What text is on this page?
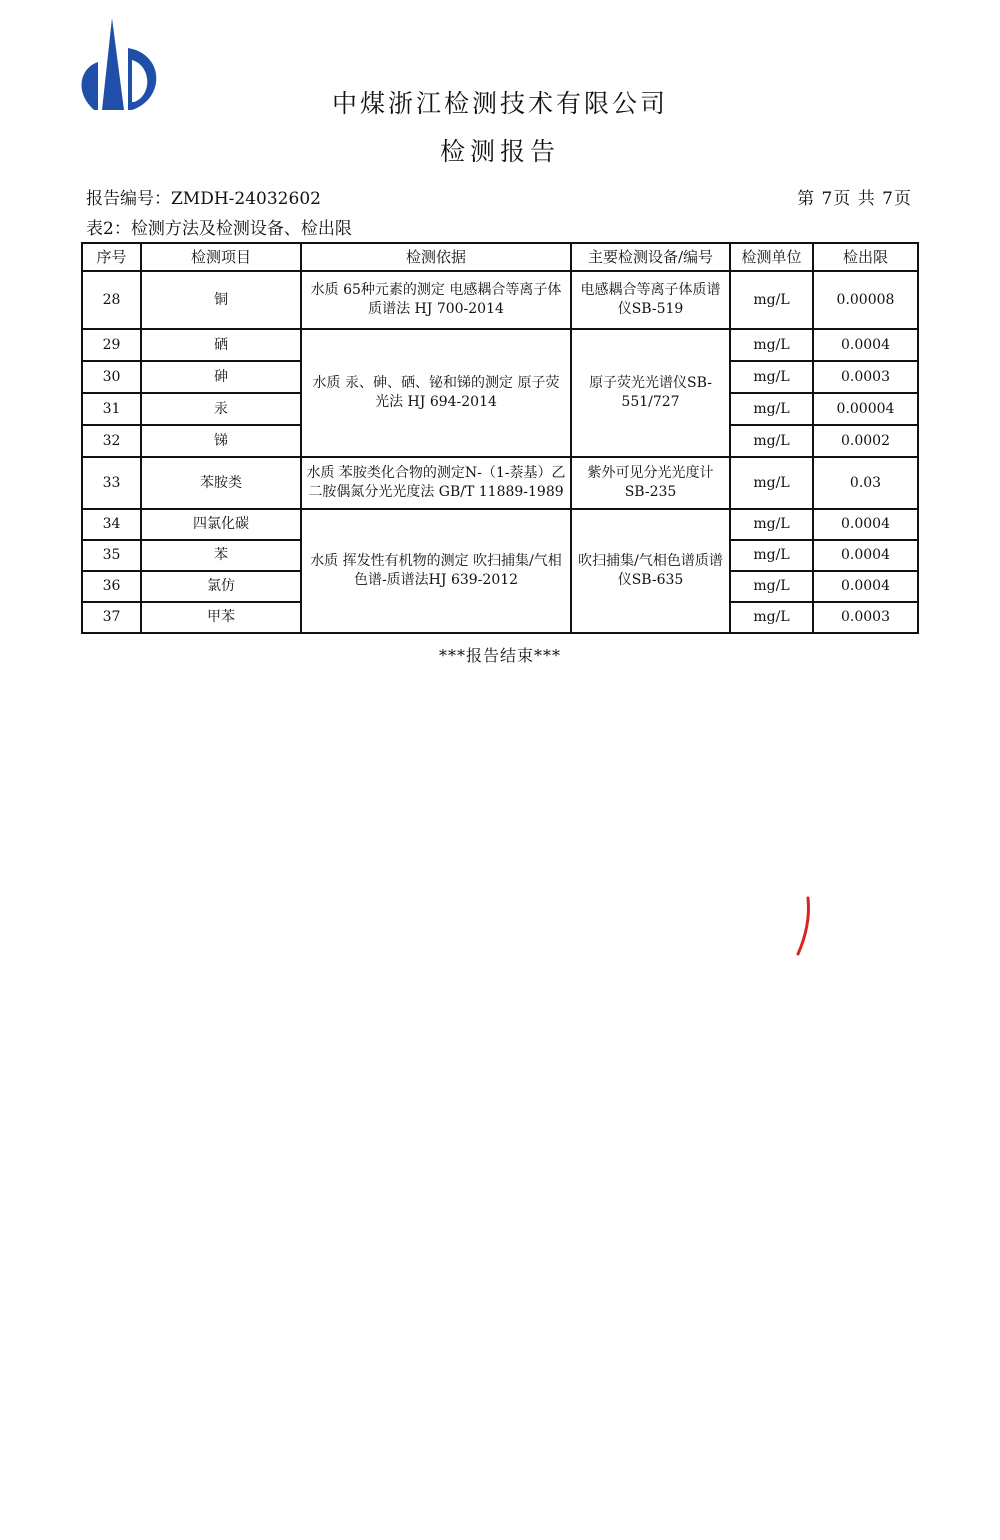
中煤浙江检测技术有限公司
检测报告
报告编号：ZMDH-24032602	第 7页 共 7页
表2：检测方法及检测设备、检出限
序号	检测项目	检测依据	主要检测设备/编号	检测单位	检出限
28	铜	水质 65种元素的测定 电感耦合等离子体质谱法 HJ 700-2014	电感耦合等离子体质谱仪SB-519	mg/L	0.00008
29	硒	水质 汞、砷、硒、铋和锑的测定 原子荧光法 HJ 694-2014	原子荧光光谱仪SB-551/727	mg/L	0.0004
30	砷			mg/L	0.0003
31	汞			mg/L	0.00004
32	锑			mg/L	0.0002
33	苯胺类	水质 苯胺类化合物的测定N-（1-萘基）乙二胺偶氮分光光度法 GB/T 11889-1989	紫外可见分光光度计SB-235	mg/L	0.03
34	四氯化碳	水质 挥发性有机物的测定 吹扫捕集/气相色谱-质谱法HJ 639-2012	吹扫捕集/气相色谱质谱仪SB-635	mg/L	0.0004
35	苯			mg/L	0.0004
36	氯仿			mg/L	0.0004
37	甲苯			mg/L	0.0003
***报告结束***
